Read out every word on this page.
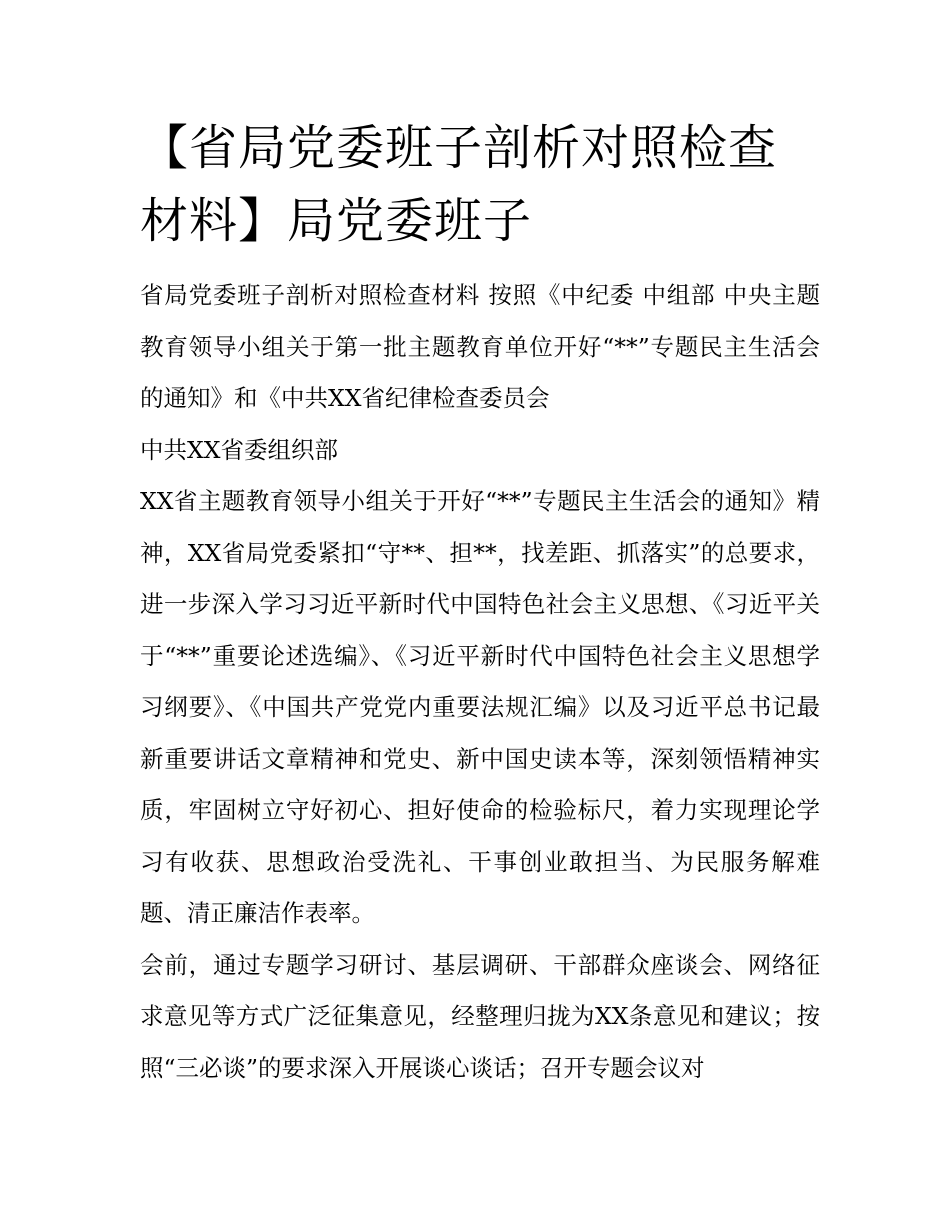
【省局党委班子剖析对照检查材料】局党委班子

省局党委班子剖析对照检查材料 按照《中纪委 中组部 中央主题教育领导小组关于第一批主题教育单位开好“**”专题民主生活会的通知》和《中共XX省纪律检查委员会

中共XX省委组织部

XX省主题教育领导小组关于开好“**”专题民主生活会的通知》精神，XX省局党委紧扣“守**、担**，找差距、抓落实”的总要求，进一步深入学习习近平新时代中国特色社会主义思想、《习近平关于“**”重要论述选编》、《习近平新时代中国特色社会主义思想学习纲要》、《中国共产党党内重要法规汇编》以及习近平总书记最新重要讲话文章精神和党史、新中国史读本等，深刻领悟精神实质，牢固树立守好初心、担好使命的检验标尺，着力实现理论学习有收获、思想政治受洗礼、干事创业敢担当、为民服务解难题、清正廉洁作表率。

会前，通过专题学习研讨、基层调研、干部群众座谈会、网络征求意见等方式广泛征集意见，经整理归拢为XX条意见和建议；按照“三必谈”的要求深入开展谈心谈话；召开专题会议对
